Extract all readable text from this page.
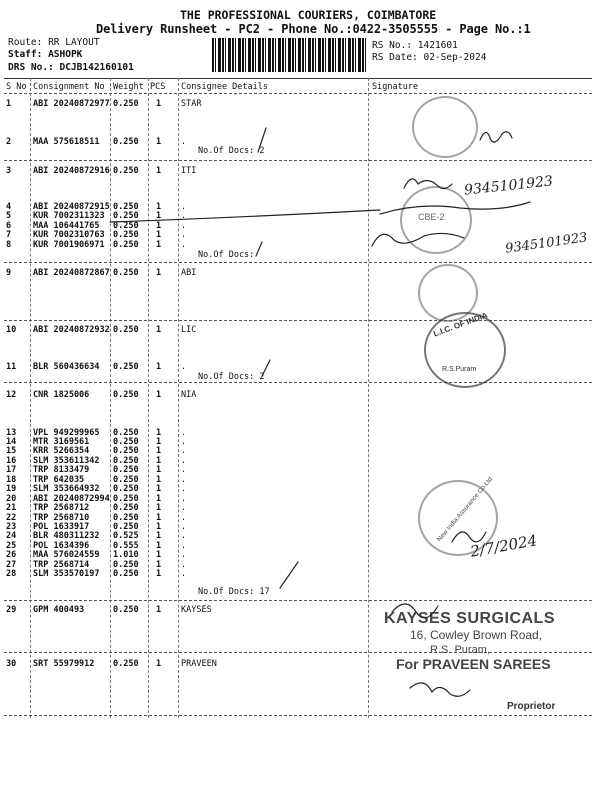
THE PROFESSIONAL COURIERS, COIMBATORE
Delivery Runsheet - PC2 - Phone No.:0422-3505555 - Page No.:1
Route: RR LAYOUT
Staff: ASHOPK
DRS No.: DCJB142160101
RS No.: 1421601
RS Date: 02-Sep-2024
S No Consignment No Weight PCS Consignee Details	Signature
1	ABI 20240872977 0.250 1 STAR
2	MAA 575618511 0.250 1 .
3	ABI 20240872916 0.250 1 ITI
4	ABI 20240872915 0.250 1 .
5	KUR 7002311323 0.250 1 .
6	MAA 106441765 0.250 1 .
7	KUR 7002310763 0.250 1 .
8	KUR 7001906971 0.250 1 .
9	ABI 20240872867 0.250 1 ABI
10 ABI 20240872932 0.250 1 LIC
11 BLR 560436634 0.250 1 .
12 CNR 1825006	0.250 1 NIA
13 VPL 949299965 0.250 1 .
14 MTR 3169561	0.250 1 .
15 KRR 5266354	0.250 1 .
16 SLM 353611342 0.250 1 .
17 TRP 8133479	0.250 1 .
18 TRP 642035	0.250 1 .
19 SLM 353664932 0.250 1 .
20 ABI 20240872994 0.250 1 .
21 TRP 2568712	0.250 1 .
22 TRP 2568710	0.250 1 .
23 POL 1633917	0.250 1 .
24 BLR 480311232 0.525 1 .
25 POL 1634396	0.555 1 .
26 MAA 576024559 1.010 1 .
27 TRP 2568714	0.250 1 .
28 SLM 353570197 0.250 1 .
29 GPM 400493	0.250 1 KAYSES
30 SRT 55979912 0.250 1 PRAVEEN
No.Of Docs: 2
No.Of Docs:
No.Of Docs: 2
No.Of Docs: 17
CBE-2
L.I.C. OF INDIA
R.S.Puram
New India Assurance Co.Ltd
9345101923
9345101923
2/7/2024
KAYSES SURGICALS
16, Cowley Brown Road,
R.S. Puram,
For PRAVEEN SAREES
Proprietor
